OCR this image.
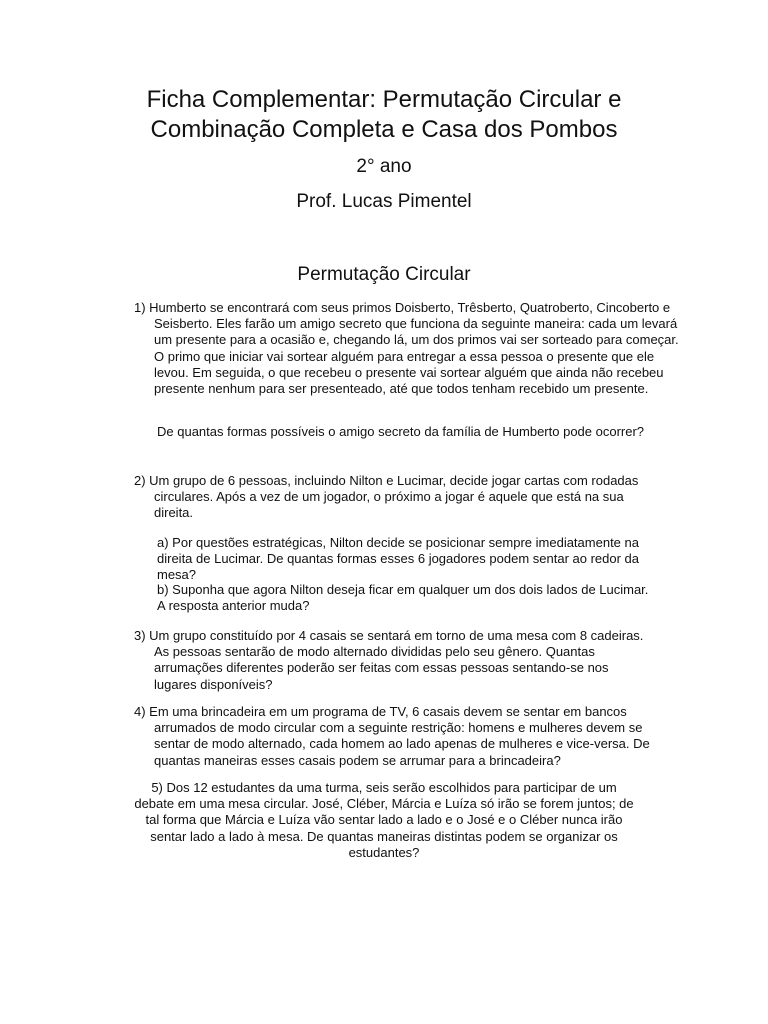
Ficha Complementar: Permutação Circular e
Combinação Completa e Casa dos Pombos
2° ano
Prof. Lucas Pimentel
Permutação Circular

1) Humberto se encontrará com seus primos Doisberto, Trêsberto, Quatroberto, Cincoberto e Seisberto. Eles farão um amigo secreto que funciona da seguinte maneira: cada um levará um presente para a ocasião e, chegando lá, um dos primos vai ser sorteado para começar. O primo que iniciar vai sortear alguém para entregar a essa pessoa o presente que ele levou. Em seguida, o que recebeu o presente vai sortear alguém que ainda não recebeu presente nenhum para ser presenteado, até que todos tenham recebido um presente.

De quantas formas possíveis o amigo secreto da família de Humberto pode ocorrer?

2) Um grupo de 6 pessoas, incluindo Nilton e Lucimar, decide jogar cartas com rodadas circulares. Após a vez de um jogador, o próximo a jogar é aquele que está na sua direita.

a) Por questões estratégicas, Nilton decide se posicionar sempre imediatamente na direita de Lucimar. De quantas formas esses 6 jogadores podem sentar ao redor da mesa?

b) Suponha que agora Nilton deseja ficar em qualquer um dos dois lados de Lucimar. A resposta anterior muda?

3) Um grupo constituído por 4 casais se sentará em torno de uma mesa com 8 cadeiras. As pessoas sentarão de modo alternado divididas pelo seu gênero. Quantas arrumações diferentes poderão ser feitas com essas pessoas sentando-se nos lugares disponíveis?

4) Em uma brincadeira em um programa de TV, 6 casais devem se sentar em bancos arrumados de modo circular com a seguinte restrição: homens e mulheres devem se sentar de modo alternado, cada homem ao lado apenas de mulheres e vice-versa. De quantas maneiras esses casais podem se arrumar para a brincadeira?

5) Dos 12 estudantes da uma turma, seis serão escolhidos para participar de um debate em uma mesa circular. José, Cléber, Márcia e Luíza só irão se forem juntos; de tal forma que Márcia e Luíza vão sentar lado a lado e o José e o Cléber nunca irão sentar lado a lado à mesa. De quantas maneiras distintas podem se organizar os estudantes?
